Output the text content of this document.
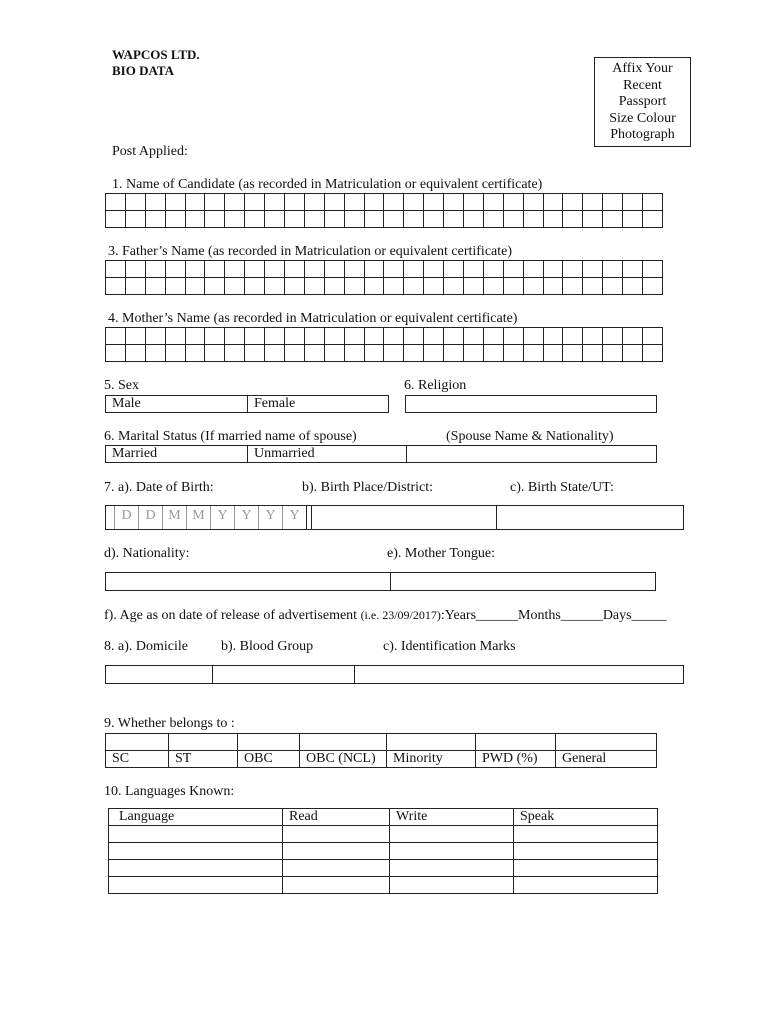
WAPCOS LTD.
BIO DATA	Affix Your
Recent
Passport
Size Colour
Photograph
Post Applied:
1. Name of Candidate (as recorded in Matriculation or equivalent certificate)

3. Father’s Name (as recorded in Matriculation or equivalent certificate)

4. Mother’s Name (as recorded in Matriculation or equivalent certificate)

5. Sex	6. Religion
Male	Female
6. Marital Status (If married name of spouse)	(Spouse Name & Nationality)
Married	Unmarried
7. a). Date of Birth:	b). Birth Place/District:	c). Birth State/UT:
D D M M Y Y Y Y
d). Nationality:	e). Mother Tongue:
f). Age as on date of release of advertisement (i.e. 23/09/2017):Years______Months______Days_____
8. a). Domicile b). Blood Group	c). Identification Marks
9. Whether belongs to :

SC	ST	OBC	OBC (NCL)	Minority	PWD (%)	General
10. Languages Known:
Language	Read	Write	Speak
